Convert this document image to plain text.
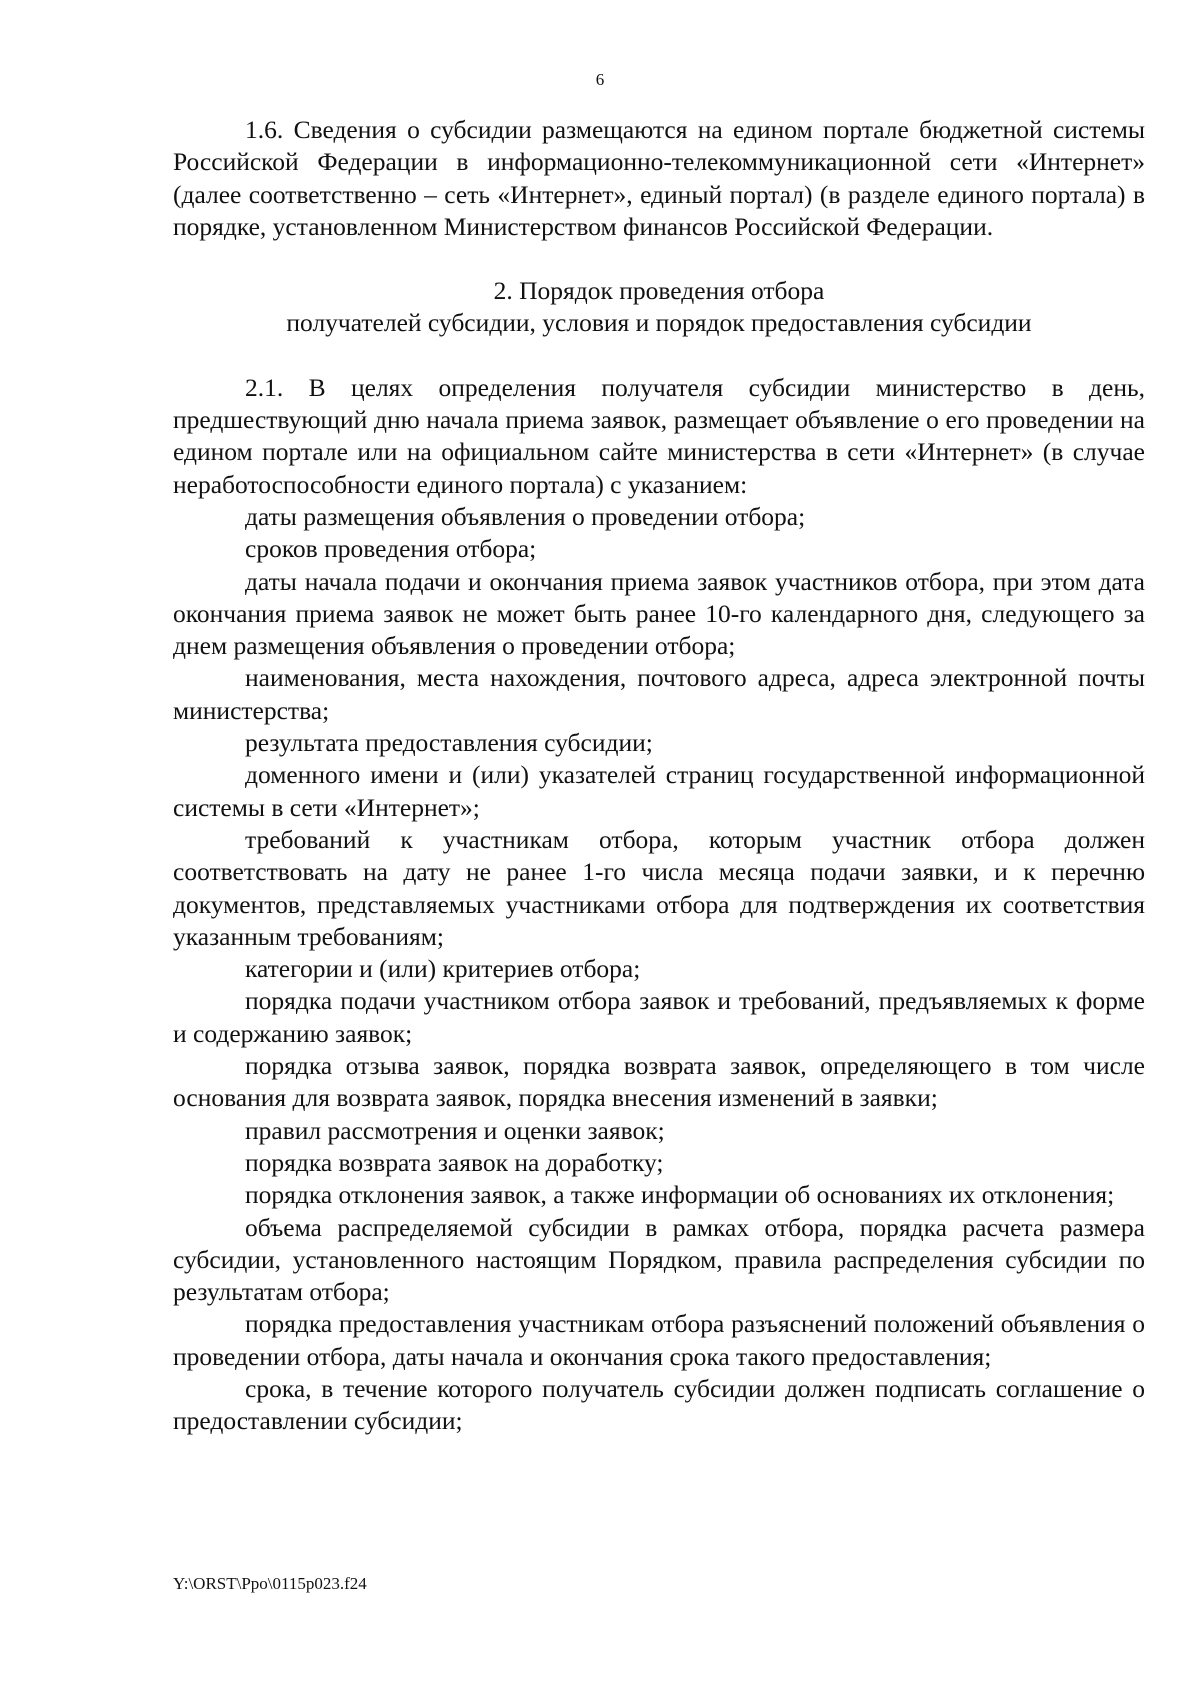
6

1.6. Сведения о субсидии размещаются на едином портале бюджетной системы Российской Федерации в информационно-телекоммуникационной сети «Интернет» (далее соответственно – сеть «Интернет», единый портал) (в разделе единого портала) в порядке, установленном Министерством финансов Российской Федерации.

2. Порядок проведения отбора
получателей субсидии, условия и порядок предоставления субсидии

2.1. В целях определения получателя субсидии министерство в день, предшествующий дню начала приема заявок, размещает объявление о его проведении на едином портале или на официальном сайте министерства в сети «Интернет» (в случае неработоспособности единого портала) с указанием:

даты размещения объявления о проведении отбора;

сроков проведения отбора;

даты начала подачи и окончания приема заявок участников отбора, при этом дата окончания приема заявок не может быть ранее 10-го календарного дня, следующего за днем размещения объявления о проведении отбора;

наименования, места нахождения, почтового адреса, адреса электронной почты министерства;

результата предоставления субсидии;

доменного имени и (или) указателей страниц государственной информационной системы в сети «Интернет»;

требований к участникам отбора, которым участник отбора должен соответствовать на дату не ранее 1-го числа месяца подачи заявки, и к перечню документов, представляемых участниками отбора для подтверждения их соответствия указанным требованиям;

категории и (или) критериев отбора;

порядка подачи участником отбора заявок и требований, предъявляемых к форме и содержанию заявок;

порядка отзыва заявок, порядка возврата заявок, определяющего в том числе основания для возврата заявок, порядка внесения изменений в заявки;

правил рассмотрения и оценки заявок;

порядка возврата заявок на доработку;

порядка отклонения заявок, а также информации об основаниях их отклонения;

объема распределяемой субсидии в рамках отбора, порядка расчета размера субсидии, установленного настоящим Порядком, правила распределения субсидии по результатам отбора;

порядка предоставления участникам отбора разъяснений положений объявления о проведении отбора, даты начала и окончания срока такого предоставления;

срока, в течение которого получатель субсидии должен подписать соглашение о предоставлении субсидии;

Y:\ORST\Ppo\0115p023.f24
